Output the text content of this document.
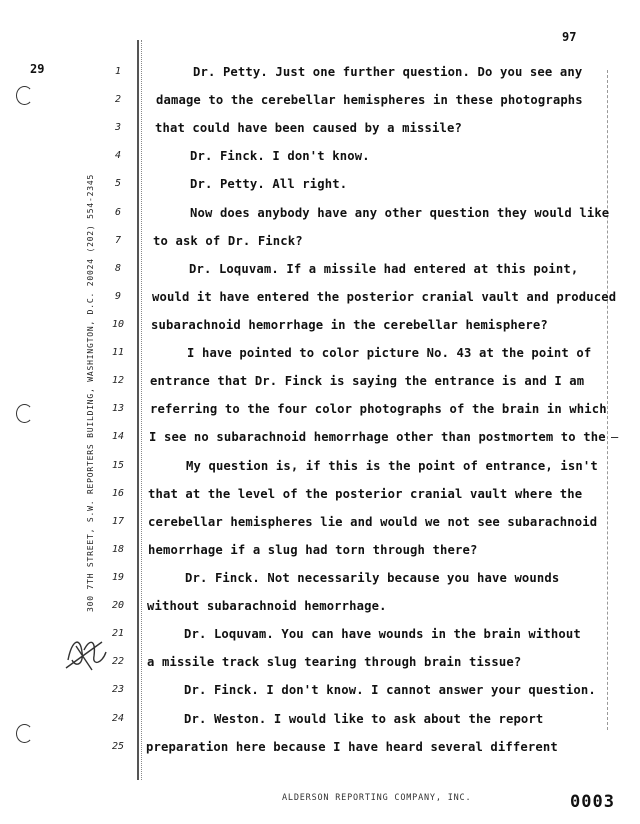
97
29
300 7TH STREET, S.W. REPORTERS BUILDING, WASHINGTON, D.C. 20024 (202) 554-2345
1	Dr. Petty. Just one further question. Do you see any
2	damage to the cerebellar hemispheres in these photographs
3	that could have been caused by a missile?
4	Dr. Finck. I don't know.
5	Dr. Petty. All right.
6	Now does anybody have any other question they would like
7	to ask of Dr. Finck?
8	Dr. Loquvam. If a missile had entered at this point,
9	would it have entered the posterior cranial vault and produced
10	subarachnoid hemorrhage in the cerebellar hemisphere?
11	I have pointed to color picture No. 43 at the point of
12	entrance that Dr. Finck is saying the entrance is and I am
13	referring to the four color photographs of the brain in which
14	I see no subarachnoid hemorrhage other than postmortem to the
15	My question is, if this is the point of entrance, isn't
16	that at the level of the posterior cranial vault where the
17	cerebellar hemispheres lie and would we not see subarachnoid
18	hemorrhage if a slug had torn through there?
19	Dr. Finck. Not necessarily because you have wounds
20	without subarachnoid hemorrhage.
21	Dr. Loquvam. You can have wounds in the brain without
22	a missile track slug tearing through brain tissue?
23	Dr. Finck. I don't know. I cannot answer your question.
24	Dr. Weston. I would like to ask about the report
25	preparation here because I have heard several different
—
ALDERSON REPORTING COMPANY, INC.	0003
